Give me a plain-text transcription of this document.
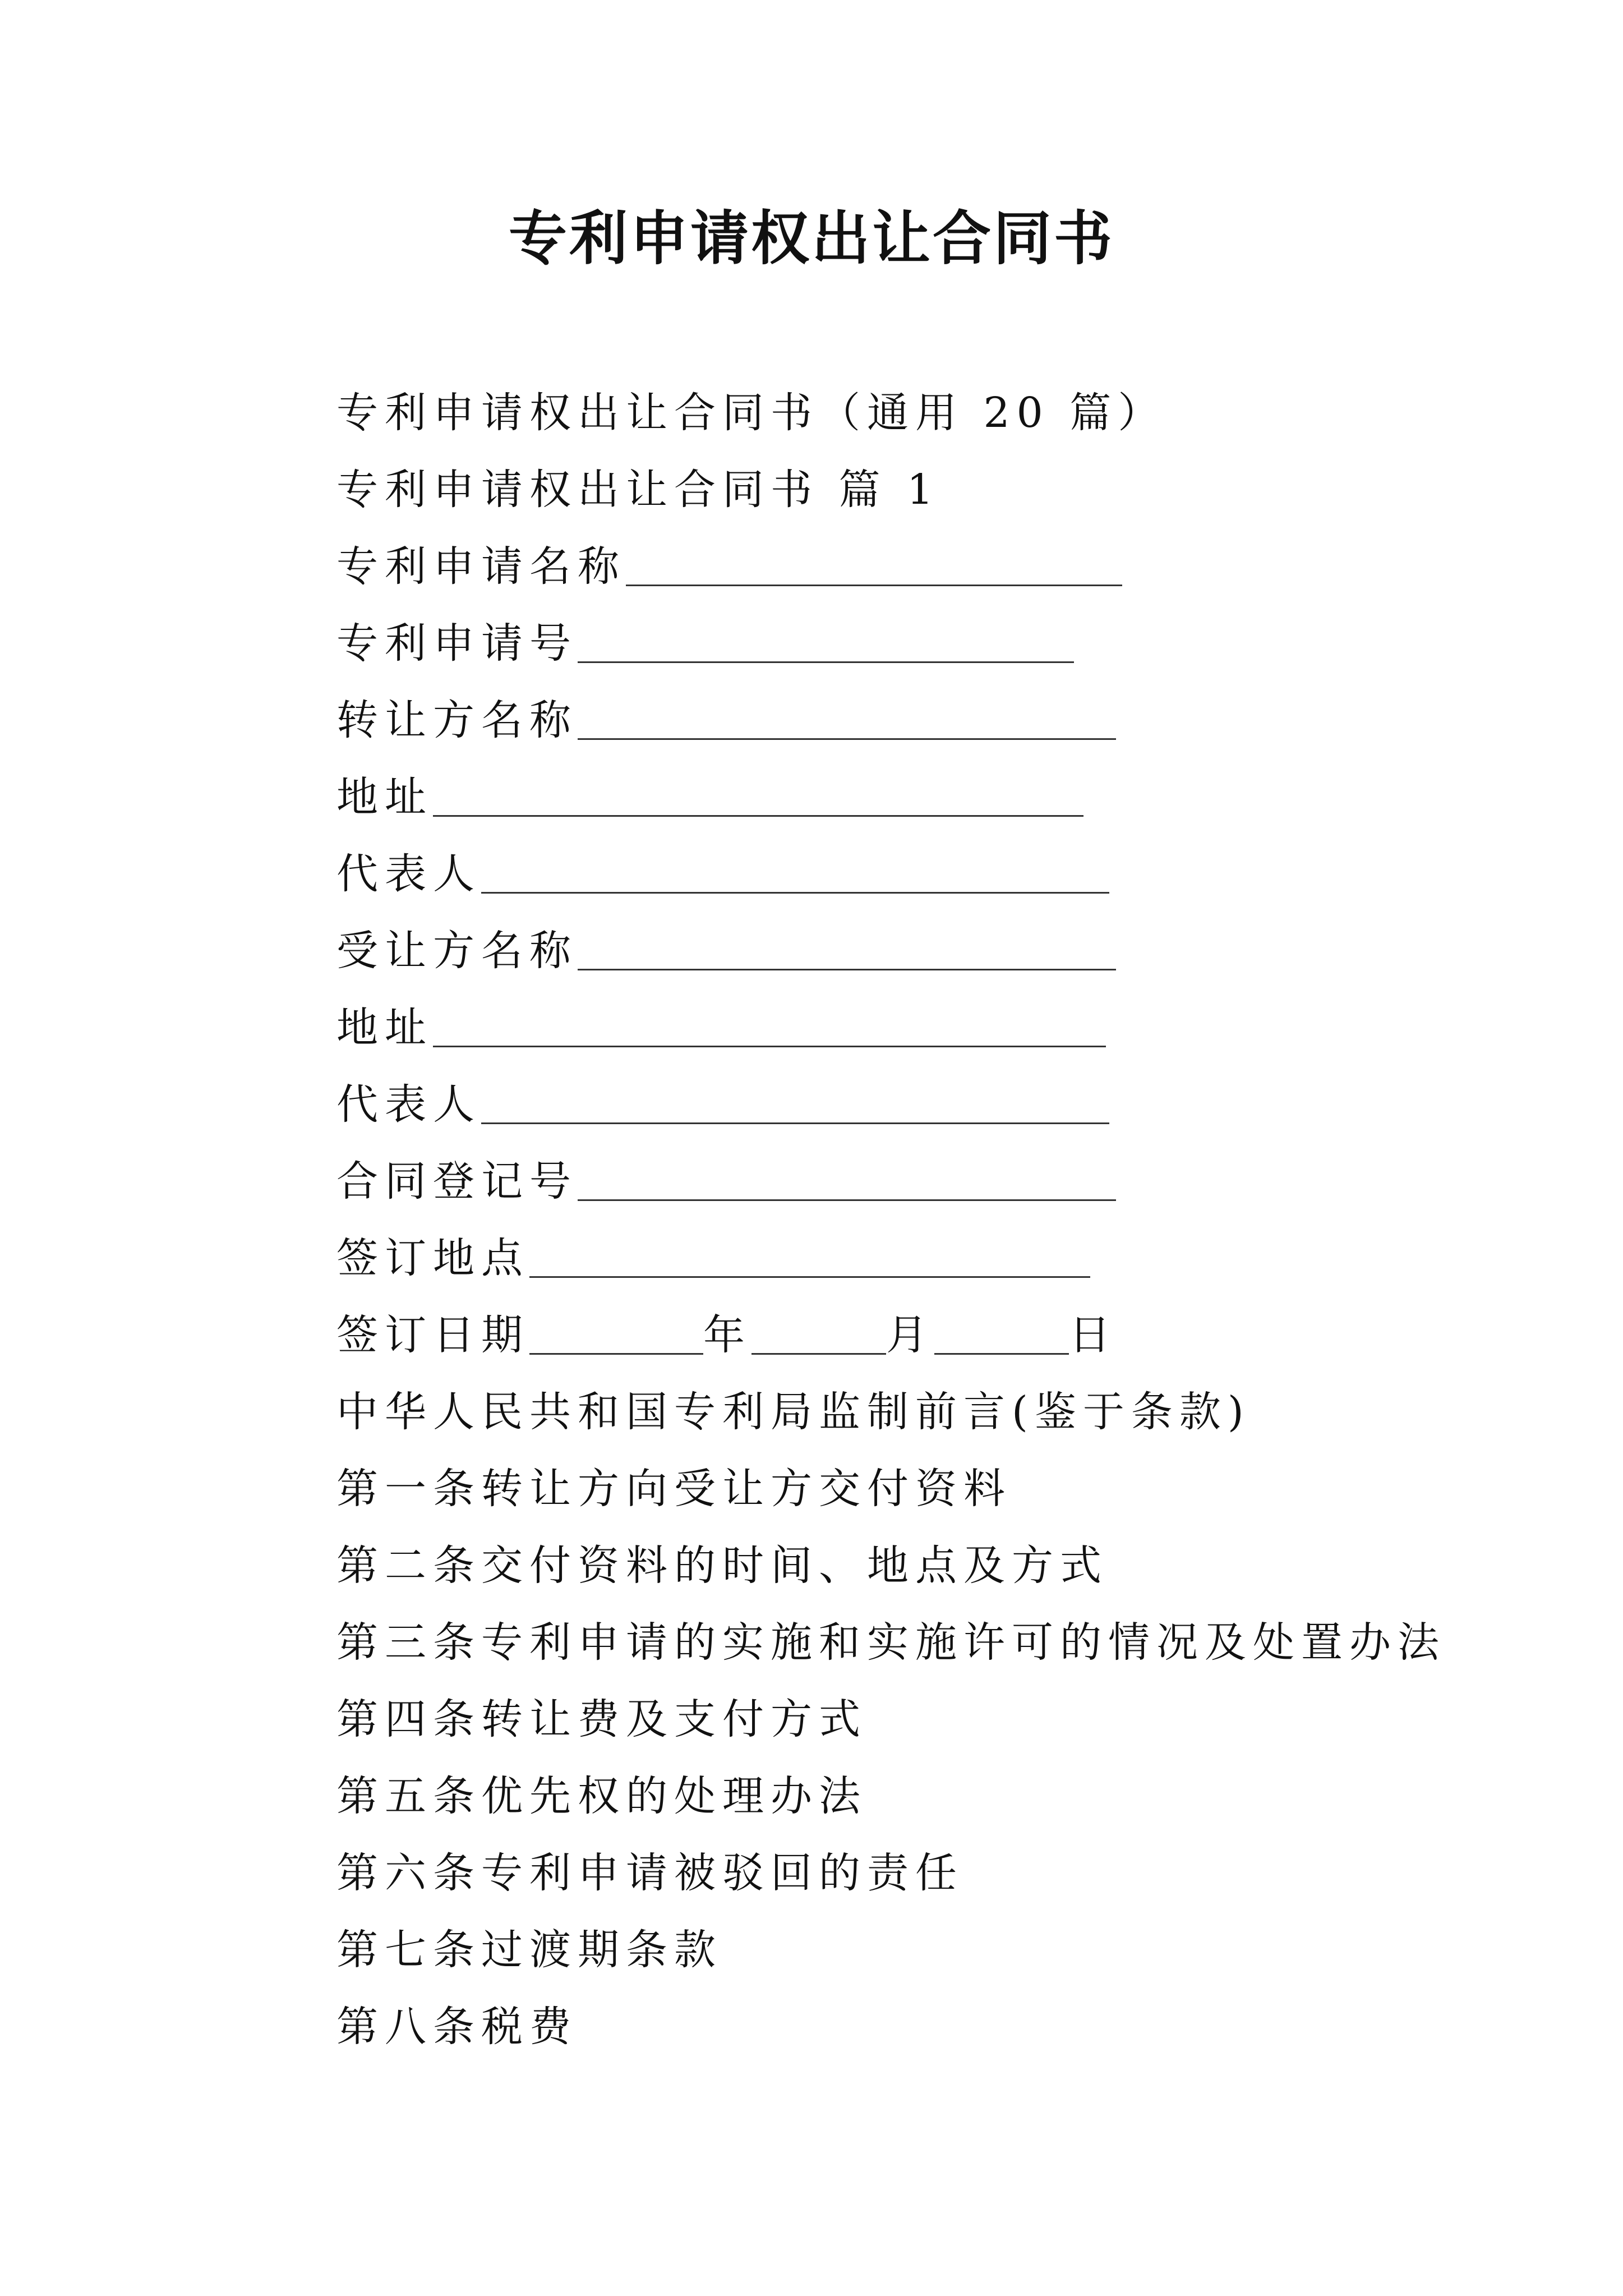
专利申请权出让合同书
专利申请权出让合同书（通用 20 篇）
专利申请权出让合同书 篇 1
专利申请名称
专利申请号
转让方名称
地址
代表人
受让方名称
地址
代表人
合同登记号
签订地点
签订日期	年	月	日
中华人民共和国专利局监制前言(鉴于条款)
第一条转让方向受让方交付资料
第二条交付资料的时间、地点及方式
第三条专利申请的实施和实施许可的情况及处置办法
第四条转让费及支付方式
第五条优先权的处理办法
第六条专利申请被驳回的责任
第七条过渡期条款
第八条税费
